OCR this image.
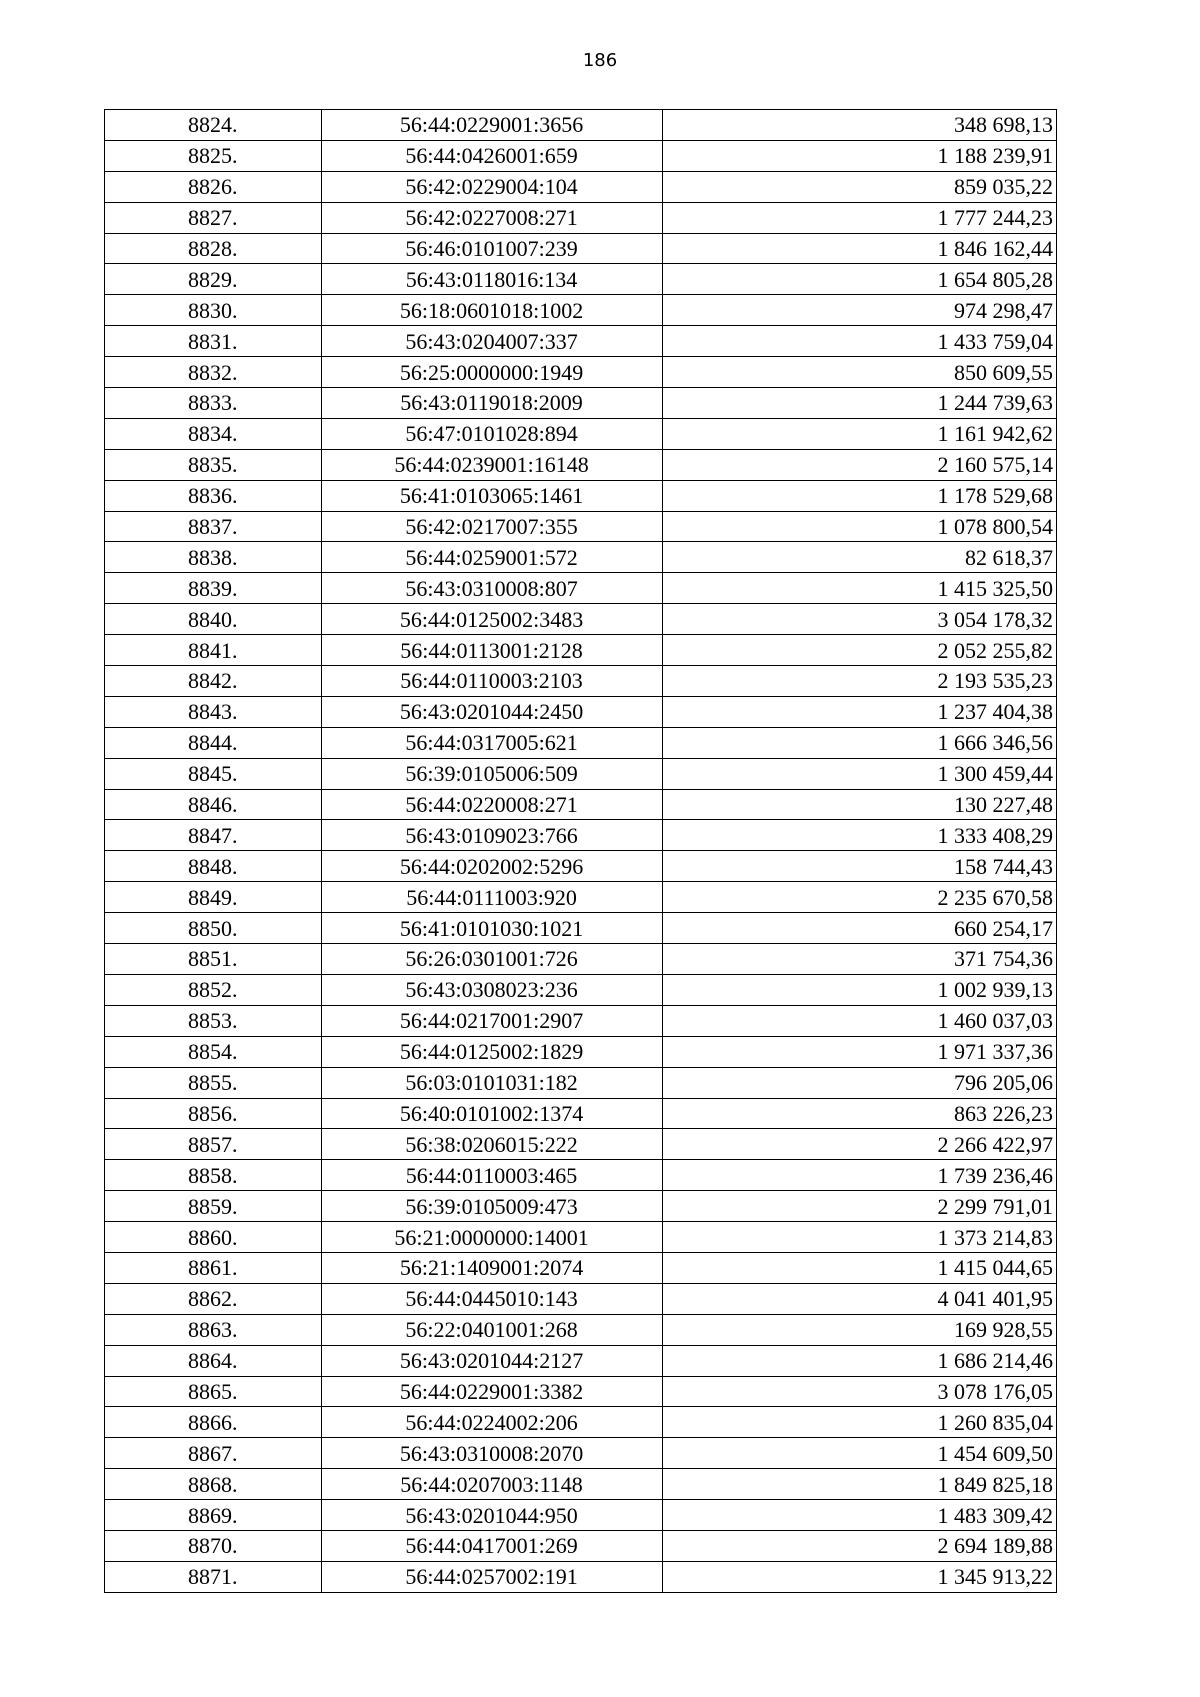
186
8824.	56:44:0229001:3656	348 698,13
8825.	56:44:0426001:659	1 188 239,91
8826.	56:42:0229004:104	859 035,22
8827.	56:42:0227008:271	1 777 244,23
8828.	56:46:0101007:239	1 846 162,44
8829.	56:43:0118016:134	1 654 805,28
8830.	56:18:0601018:1002	974 298,47
8831.	56:43:0204007:337	1 433 759,04
8832.	56:25:0000000:1949	850 609,55
8833.	56:43:0119018:2009	1 244 739,63
8834.	56:47:0101028:894	1 161 942,62
8835.	56:44:0239001:16148	2 160 575,14
8836.	56:41:0103065:1461	1 178 529,68
8837.	56:42:0217007:355	1 078 800,54
8838.	56:44:0259001:572	82 618,37
8839.	56:43:0310008:807	1 415 325,50
8840.	56:44:0125002:3483	3 054 178,32
8841.	56:44:0113001:2128	2 052 255,82
8842.	56:44:0110003:2103	2 193 535,23
8843.	56:43:0201044:2450	1 237 404,38
8844.	56:44:0317005:621	1 666 346,56
8845.	56:39:0105006:509	1 300 459,44
8846.	56:44:0220008:271	130 227,48
8847.	56:43:0109023:766	1 333 408,29
8848.	56:44:0202002:5296	158 744,43
8849.	56:44:0111003:920	2 235 670,58
8850.	56:41:0101030:1021	660 254,17
8851.	56:26:0301001:726	371 754,36
8852.	56:43:0308023:236	1 002 939,13
8853.	56:44:0217001:2907	1 460 037,03
8854.	56:44:0125002:1829	1 971 337,36
8855.	56:03:0101031:182	796 205,06
8856.	56:40:0101002:1374	863 226,23
8857.	56:38:0206015:222	2 266 422,97
8858.	56:44:0110003:465	1 739 236,46
8859.	56:39:0105009:473	2 299 791,01
8860.	56:21:0000000:14001	1 373 214,83
8861.	56:21:1409001:2074	1 415 044,65
8862.	56:44:0445010:143	4 041 401,95
8863.	56:22:0401001:268	169 928,55
8864.	56:43:0201044:2127	1 686 214,46
8865.	56:44:0229001:3382	3 078 176,05
8866.	56:44:0224002:206	1 260 835,04
8867.	56:43:0310008:2070	1 454 609,50
8868.	56:44:0207003:1148	1 849 825,18
8869.	56:43:0201044:950	1 483 309,42
8870.	56:44:0417001:269	2 694 189,88
8871.	56:44:0257002:191	1 345 913,22
